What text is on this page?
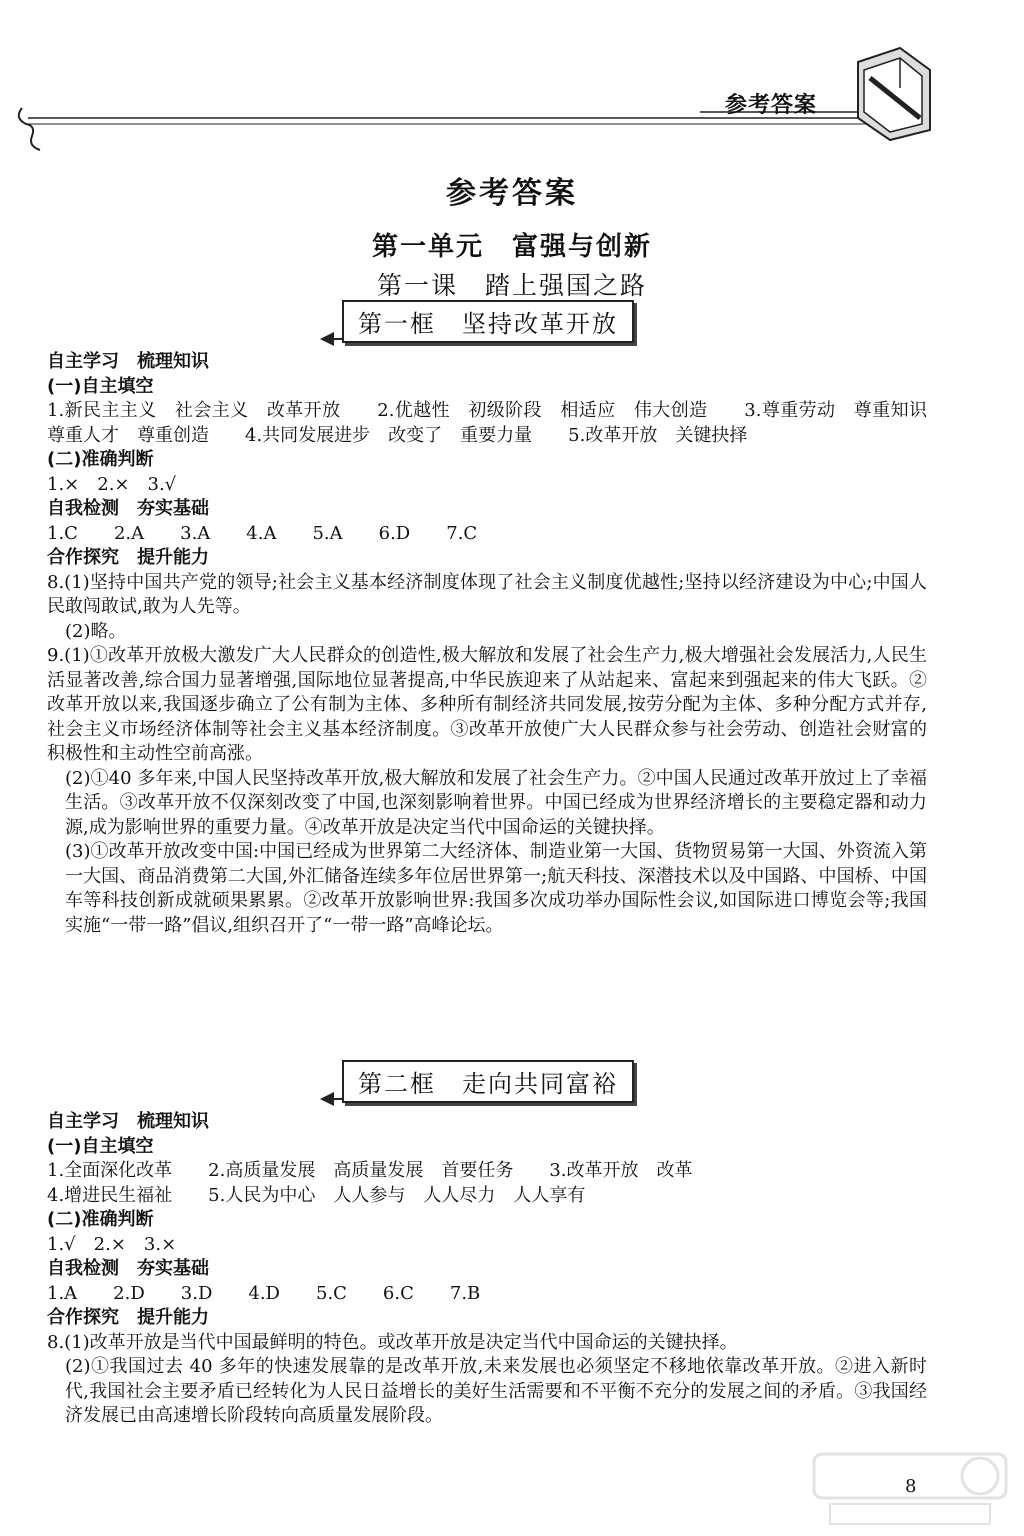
参考答案
参考答案
第一单元　富强与创新
第一课　踏上强国之路
第一框　坚持改革开放
自主学习　梳理知识
(一)自主填空
1.新民主主义　社会主义　改革开放　　2.优越性　初级阶段　相适应　伟大创造　　3.尊重劳动　尊重知识　尊重人才　尊重创造　　4.共同发展进步　改变了　重要力量　　5.改革开放　关键抉择
(二)准确判断
1.×　2.×　3.√
自我检测　夯实基础
1.C　　2.A　　3.A　　4.A　　5.A　　6.D　　7.C
合作探究　提升能力
8.(1)坚持中国共产党的领导;社会主义基本经济制度体现了社会主义制度优越性;坚持以经济建设为中心;中国人民敢闯敢试,敢为人先等。
(2)略。
9.(1)①改革开放极大激发广大人民群众的创造性,极大解放和发展了社会生产力,极大增强社会发展活力,人民生活显著改善,综合国力显著增强,国际地位显著提高,中华民族迎来了从站起来、富起来到强起来的伟大飞跃。②改革开放以来,我国逐步确立了公有制为主体、多种所有制经济共同发展,按劳分配为主体、多种分配方式并存,社会主义市场经济体制等社会主义基本经济制度。③改革开放使广大人民群众参与社会劳动、创造社会财富的积极性和主动性空前高涨。
(2)①40 多年来,中国人民坚持改革开放,极大解放和发展了社会生产力。②中国人民通过改革开放过上了幸福生活。③改革开放不仅深刻改变了中国,也深刻影响着世界。中国已经成为世界经济增长的主要稳定器和动力源,成为影响世界的重要力量。④改革开放是决定当代中国命运的关键抉择。
(3)①改革开放改变中国:中国已经成为世界第二大经济体、制造业第一大国、货物贸易第一大国、外资流入第一大国、商品消费第二大国,外汇储备连续多年位居世界第一;航天科技、深潜技术以及中国路、中国桥、中国车等科技创新成就硕果累累。②改革开放影响世界:我国多次成功举办国际性会议,如国际进口博览会等;我国实施“一带一路”倡议,组织召开了“一带一路”高峰论坛。
第二框　走向共同富裕
自主学习　梳理知识
(一)自主填空
1.全面深化改革　　2.高质量发展　高质量发展　首要任务　　3.改革开放　改革
4.增进民生福祉　　5.人民为中心　人人参与　人人尽力　人人享有
(二)准确判断
1.√　2.×　3.×
自我检测　夯实基础
1.A　　2.D　　3.D　　4.D　　5.C　　6.C　　7.B
合作探究　提升能力
8.(1)改革开放是当代中国最鲜明的特色。或改革开放是决定当代中国命运的关键抉择。
(2)①我国过去 40 多年的快速发展靠的是改革开放,未来发展也必须坚定不移地依靠改革开放。②进入新时代,我国社会主要矛盾已经转化为人民日益增长的美好生活需要和不平衡不充分的发展之间的矛盾。③我国经济发展已由高速增长阶段转向高质量发展阶段。
8
